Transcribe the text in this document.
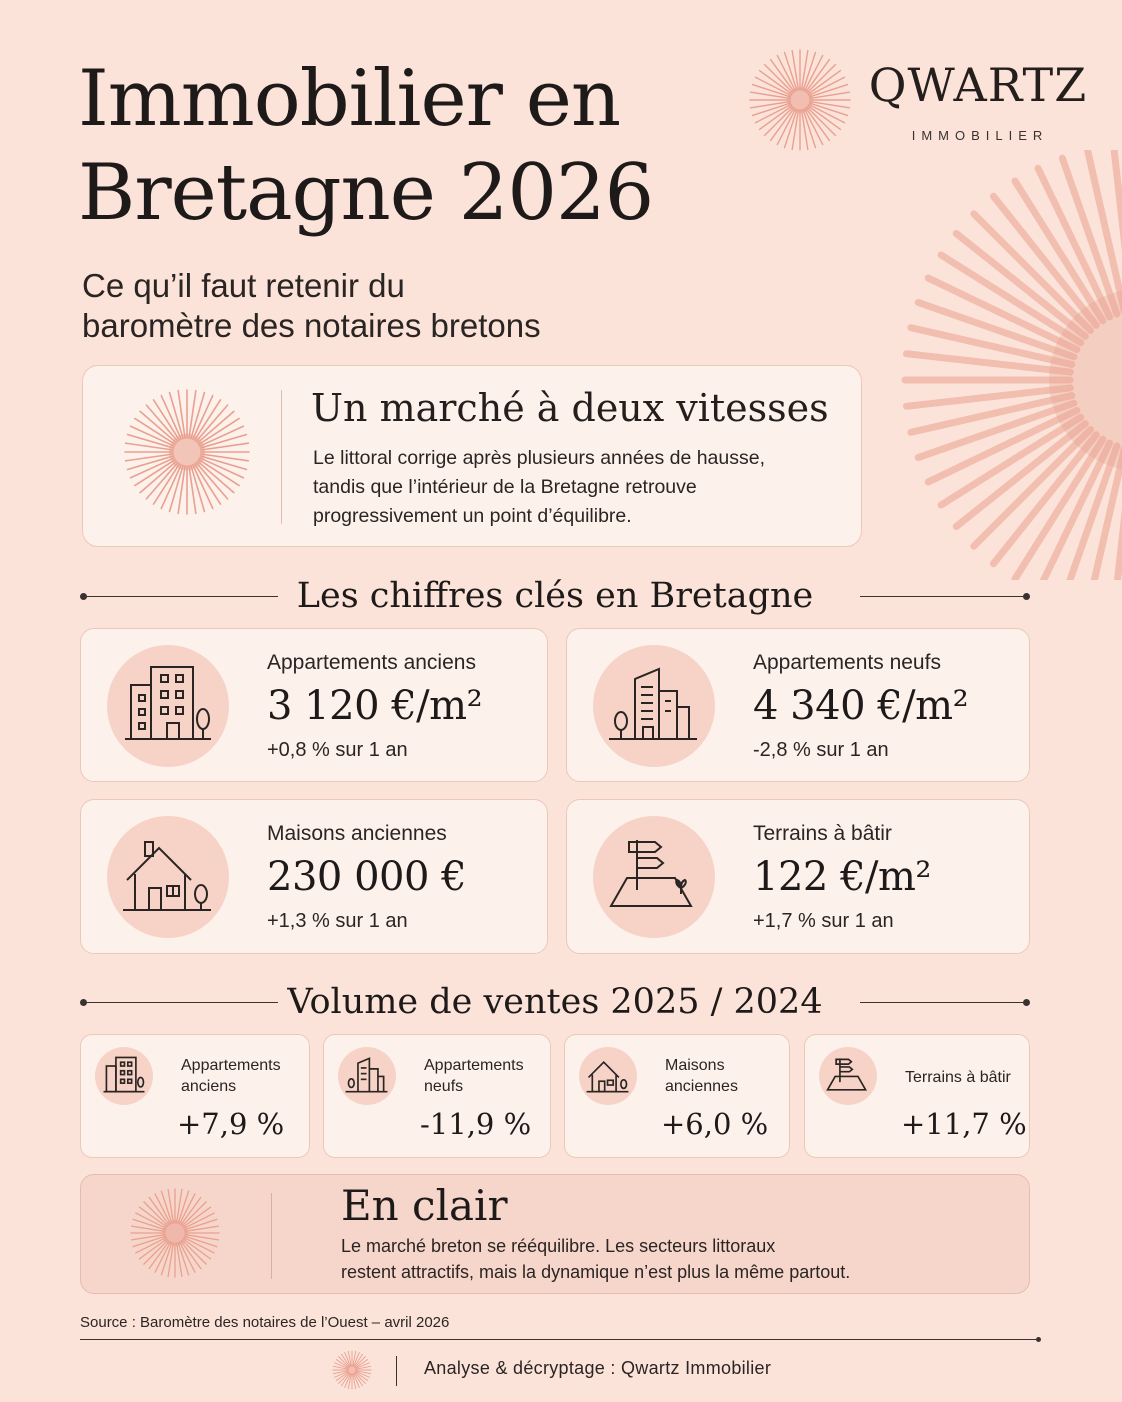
Immobilier en
Bretagne 2026
Ce qu’il faut retenir du
baromètre des notaires bretons
QWARTZ
IMMOBILIER
Un marché à deux vitesses

Le littoral corrige après plusieurs années de hausse,
tandis que l’intérieur de la Bretagne retrouve
progressivement un point d’équilibre.

Les chiffres clés en Bretagne
Appartements anciens
3 120 €/m²
+0,8 % sur 1 an
Appartements neufs
4 340 €/m²
-2,8 % sur 1 an
Maisons anciennes
230 000 €
+1,3 % sur 1 an
Terrains à bâtir
122 €/m²
+1,7 % sur 1 an
Volume de ventes 2025 / 2024
Appartements
anciens
+7,9 %
Appartements
neufs
-11,9 %
Maisons
anciennes
+6,0 %
Terrains à bâtir
+11,7 %
En clair

Le marché breton se rééquilibre. Les secteurs littoraux
restent attractifs, mais la dynamique n’est plus la même partout.

Source : Baromètre des notaires de l’Ouest – avril 2026
Analyse & décryptage : Qwartz Immobilier
